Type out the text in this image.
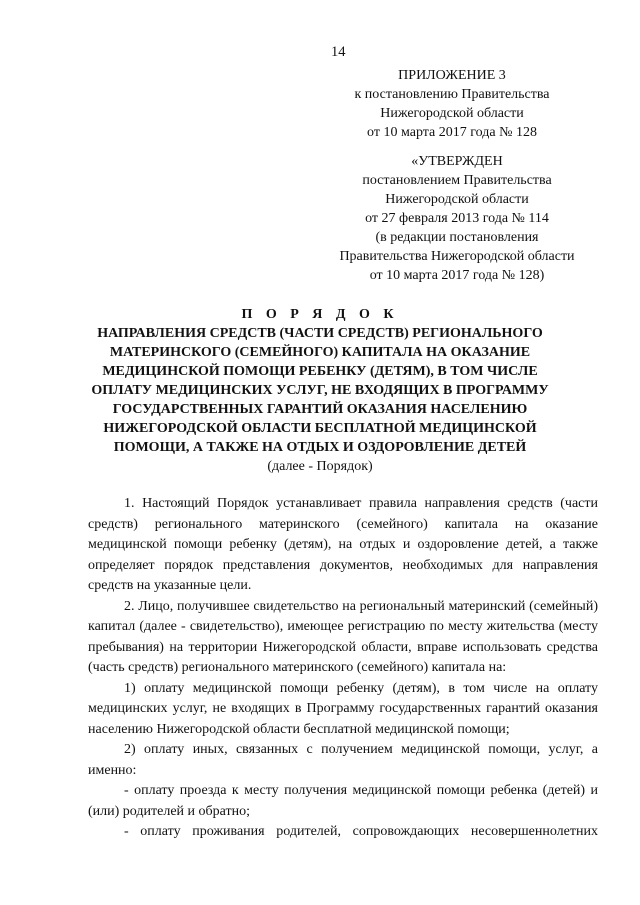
14
ПРИЛОЖЕНИЕ 3
к постановлению Правительства
Нижегородской области
от 10 марта 2017 года № 128
«УТВЕРЖДЕН
постановлением Правительства
Нижегородской области
от 27 февраля 2013 года № 114
(в редакции постановления
Правительства Нижегородской области
от 10 марта 2017 года № 128)
П О Р Я Д О К
НАПРАВЛЕНИЯ СРЕДСТВ (ЧАСТИ СРЕДСТВ) РЕГИОНАЛЬНОГО
МАТЕРИНСКОГО (СЕМЕЙНОГО) КАПИТАЛА НА ОКАЗАНИЕ
МЕДИЦИНСКОЙ ПОМОЩИ РЕБЕНКУ (ДЕТЯМ), В ТОМ ЧИСЛЕ
ОПЛАТУ МЕДИЦИНСКИХ УСЛУГ, НЕ ВХОДЯЩИХ В ПРОГРАММУ
ГОСУДАРСТВЕННЫХ ГАРАНТИЙ ОКАЗАНИЯ НАСЕЛЕНИЮ
НИЖЕГОРОДСКОЙ ОБЛАСТИ БЕСПЛАТНОЙ МЕДИЦИНСКОЙ
ПОМОЩИ, А ТАКЖЕ НА ОТДЫХ И ОЗДОРОВЛЕНИЕ ДЕТЕЙ
(далее - Порядок)

1. Настоящий Порядок устанавливает правила направления средств (части средств) регионального материнского (семейного) капитала на оказание медицинской помощи ребенку (детям), на отдых и оздоровление детей, а также определяет порядок представления документов, необходимых для направления средств на указанные цели.

2. Лицо, получившее свидетельство на региональный материнский (семейный) капитал (далее - свидетельство), имеющее регистрацию по месту жительства (месту пребывания) на территории Нижегородской области, вправе использовать средства (часть средств) регионального материнского (семейного) капитала на:

1) оплату медицинской помощи ребенку (детям), в том числе на оплату медицинских услуг, не входящих в Программу государственных гарантий оказания населению Нижегородской области бесплатной медицинской помощи;

2) оплату иных, связанных с получением медицинской помощи, услуг, а именно:

- оплату проезда к месту получения медицинской помощи ребенка (детей) и (или) родителей и обратно;

- оплату проживания родителей, сопровождающих несовершеннолетних
